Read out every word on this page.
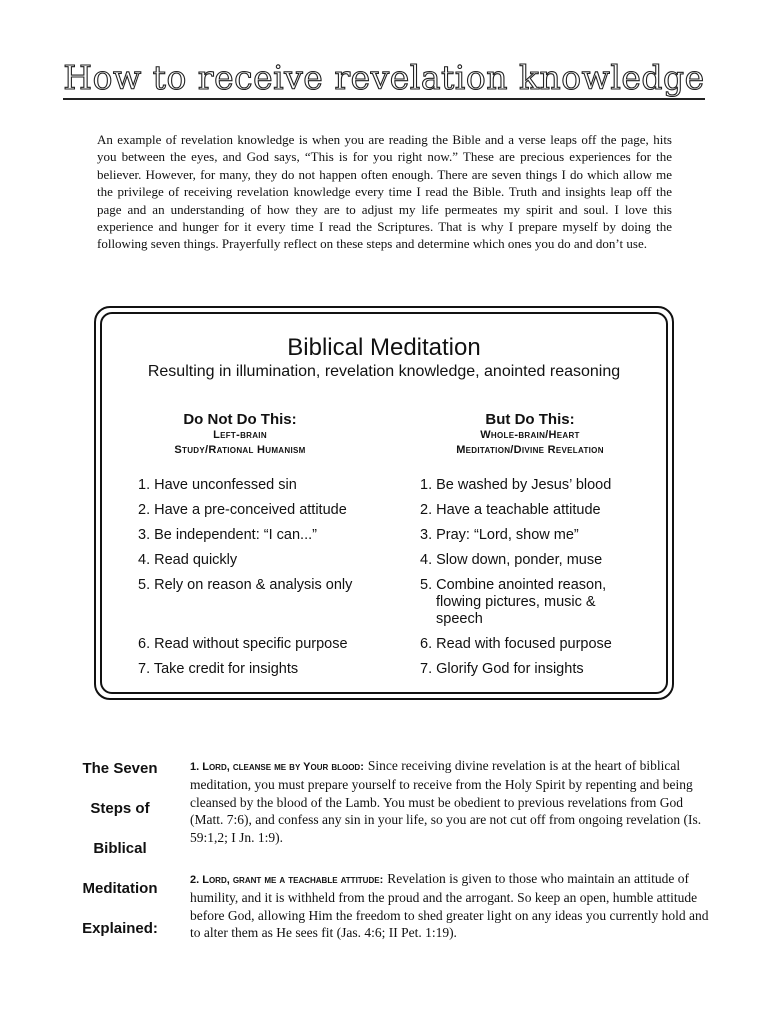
How to receive revelation knowledge
An example of revelation knowledge is when you are reading the Bible and a verse leaps off the page, hits you between the eyes, and God says, “This is for you right now.” These are precious experiences for the believer. However, for many, they do not happen often enough. There are seven things I do which allow me the privilege of receiving revelation knowledge every time I read the Bible. Truth and insights leap off the page and an understanding of how they are to adjust my life permeates my spirit and soul. I love this experience and hunger for it every time I read the Scriptures. That is why I prepare myself by doing the following seven things. Prayerfully reflect on these steps and determine which ones you do and don’t use.
Biblical Meditation
Resulting in illumination, revelation knowledge, anointed reasoning
Do Not Do This:
Left-brain
Study/Rational Humanism
1. Have unconfessed sin
2. Have a pre-conceived attitude
3. Be independent: “I can...”
4. Read quickly
5. Rely on reason & analysis only
6. Read without specific purpose
7. Take credit for insights
But Do This:
Whole-brain/Heart
Meditation/Divine Revelation
1. Be washed by Jesus’ blood
2. Have a teachable attitude
3. Pray: “Lord, show me”
4. Slow down, ponder, muse
5. Combine anointed reason, flowing pictures, music & speech
6. Read with focused purpose
7. Glorify God for insights
The Seven
Steps of
Biblical
Meditation
Explained:
1. Lord, cleanse me by Your blood: Since receiving divine revelation is at the heart of biblical meditation, you must prepare yourself to receive from the Holy Spirit by repenting and being cleansed by the blood of the Lamb. You must be obedient to previous revelations from God (Matt. 7:6), and confess any sin in your life, so you are not cut off from ongoing revelation (Is. 59:1,2; I Jn. 1:9).
2. Lord, grant me a teachable attitude: Revelation is given to those who maintain an attitude of humility, and it is withheld from the proud and the arrogant. So keep an open, humble attitude before God, allowing Him the freedom to shed greater light on any ideas you currently hold and to alter them as He sees fit (Jas. 4:6; II Pet. 1:19).
